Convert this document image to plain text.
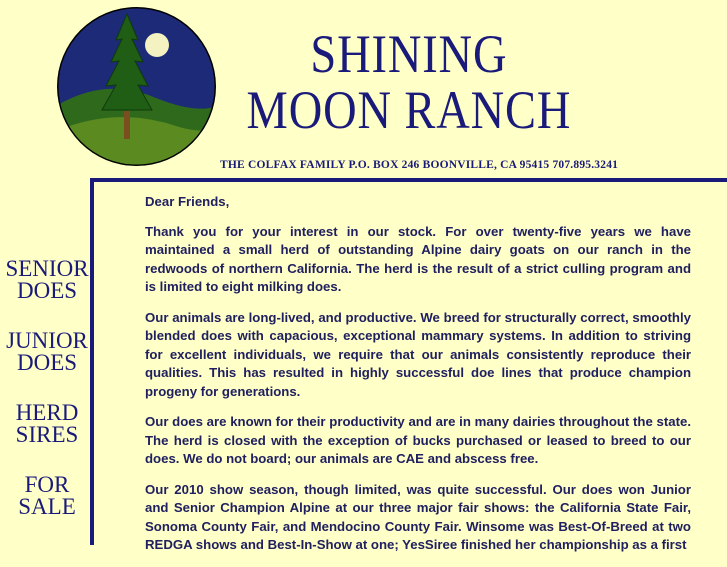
SHINING
MOON RANCH
THE COLFAX FAMILY P.O. BOX 246 BOONVILLE, CA 95415 707.895.3241
SENIOR
DOES
JUNIOR
DOES
HERD
SIRES
FOR
SALE

Dear Friends,

Thank you for your interest in our stock. For over twenty-five years we have maintained a small herd of outstanding Alpine dairy goats on our ranch in the redwoods of northern California. The herd is the result of a strict culling program and is limited to eight milking does.

Our animals are long-lived, and productive. We breed for structurally correct, smoothly blended does with capacious, exceptional mammary systems. In addition to striving for excellent individuals, we require that our animals consistently reproduce their qualities. This has resulted in highly successful doe lines that produce champion progeny for generations.

Our does are known for their productivity and are in many dairies throughout the state. The herd is closed with the exception of bucks purchased or leased to breed to our does. We do not board; our animals are CAE and abscess free.

Our 2010 show season, though limited, was quite successful. Our does won Junior and Senior Champion Alpine at our three major fair shows: the California State Fair, Sonoma County Fair, and Mendocino County Fair. Winsome was Best-Of-Breed at two REDGA shows and Best-In-Show at one; YesSiree finished her championship as a first
